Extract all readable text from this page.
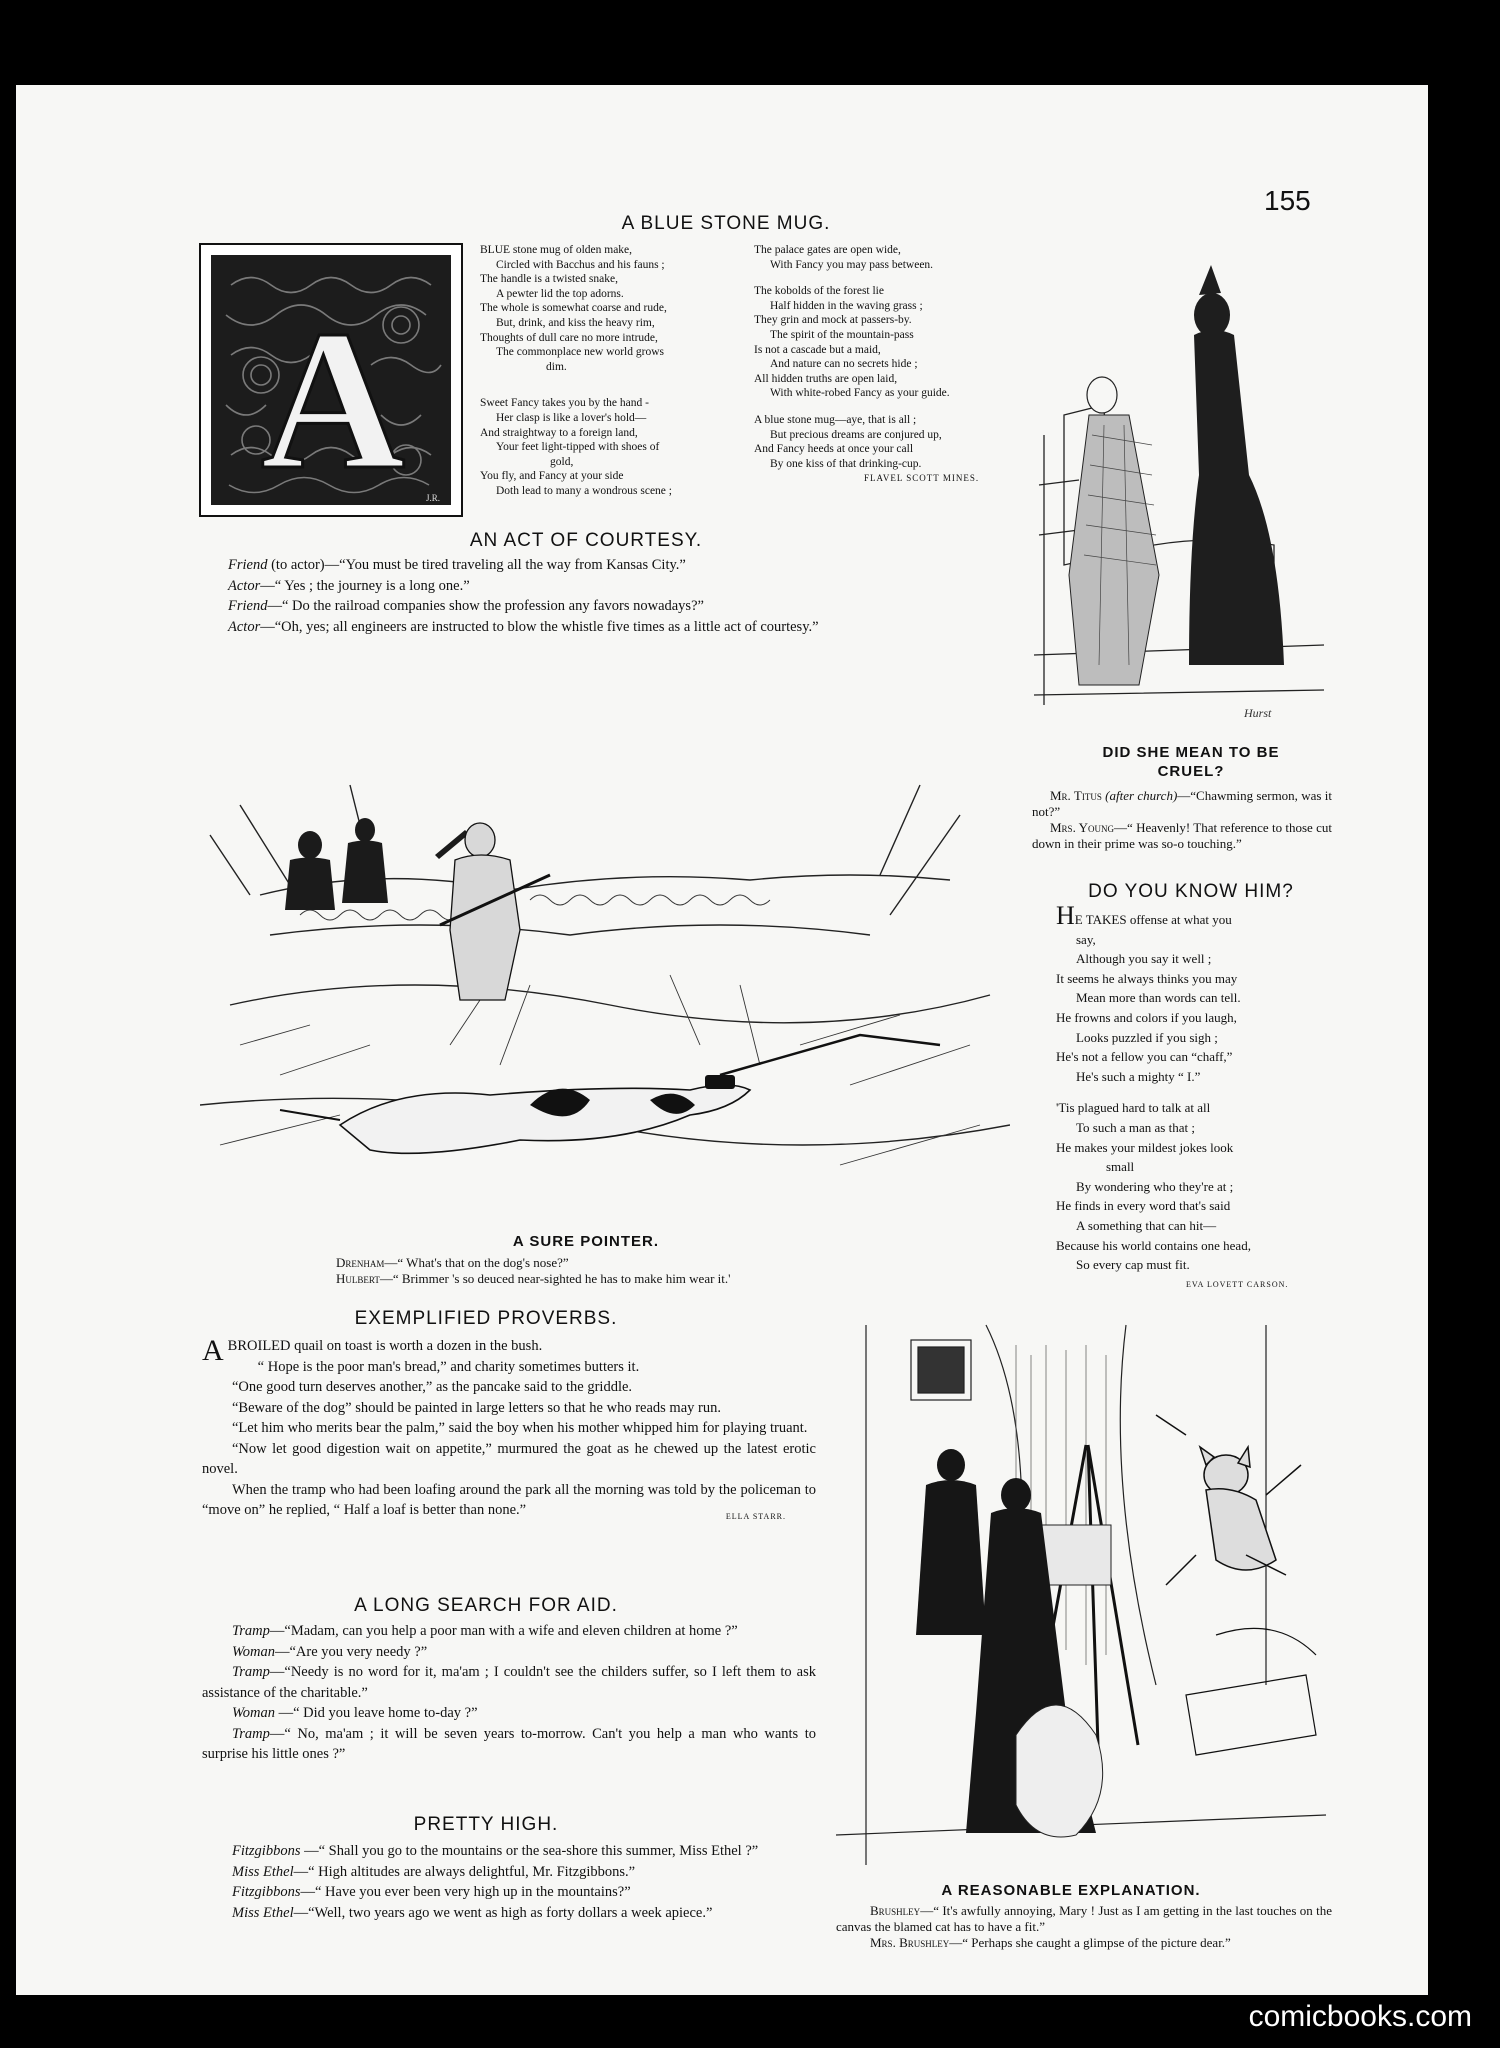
155
A BLUE STONE MUG.
A J.R.
BLUE stone mug of olden make,
Circled with Bacchus and his fauns ;
The handle is a twisted snake,
A pewter lid the top adorns.
The whole is somewhat coarse and rude,
But, drink, and kiss the heavy rim,
Thoughts of dull care no more intrude,
The commonplace new world grows
dim.
Sweet Fancy takes you by the hand -
Her clasp is like a lover's hold—
And straightway to a foreign land,
Your feet light-tipped with shoes of
gold,
You fly, and Fancy at your side
Doth lead to many a wondrous scene ;
The palace gates are open wide,
With Fancy you may pass between.
The kobolds of the forest lie
Half hidden in the waving grass ;
They grin and mock at passers-by.
The spirit of the mountain-pass
Is not a cascade but a maid,
And nature can no secrets hide ;
All hidden truths are open laid,
With white-robed Fancy as your guide.
A blue stone mug—aye, that is all ;
But precious dreams are conjured up,
And Fancy heeds at once your call
By one kiss of that drinking-cup.
FLAVEL SCOTT MINES.
AN ACT OF COURTESY.

Friend (to actor)—“You must be tired traveling all the way from Kansas City.”

Actor—“ Yes ; the journey is a long one.”

Friend—“ Do the railroad companies show the profession any favors nowadays?”

Actor—“Oh, yes; all engineers are instructed to blow the whistle five times as a little act of courtesy.”

Hurst
DID SHE MEAN TO BE
CRUEL?
Mr. Titus (after church)—“Chawming sermon, was it not?”
Mrs. Young—“ Heavenly! That reference to those cut down in their prime was so-o touching.”
DO YOU KNOW HIM?
HE TAKES offense at what you
say,
Although you say it well ;
It seems he always thinks you may
Mean more than words can tell.
He frowns and colors if you laugh,
Looks puzzled if you sigh ;
He's not a fellow you can “chaff,”
He's such a mighty “ I.”
'Tis plagued hard to talk at all
To such a man as that ;
He makes your mildest jokes look
small
By wondering who they're at ;
He finds in every word that's said
A something that can hit—
Because his world contains one head,
So every cap must fit.
EVA LOVETT CARSON.
A SURE POINTER.
Drenham—“ What's that on the dog's nose?”
Hulbert—“ Brimmer 's so deuced near-sighted he has to make him wear it.'
EXEMPLIFIED PROVERBS.

A BROILED quail on toast is worth a dozen in the bush.

“ Hope is the poor man's bread,” and charity sometimes butters it.

“One good turn deserves another,” as the pancake said to the griddle.

“Beware of the dog” should be painted in large letters so that he who reads may run.

“Let him who merits bear the palm,” said the boy when his mother whipped him for playing truant.

“Now let good digestion wait on appetite,” murmured the goat as he chewed up the latest erotic novel.

When the tramp who had been loafing around the park all the morning was told by the policeman to “move on” he replied, “ Half a loaf is better than none.”	ELLA STARR.
A LONG SEARCH FOR AID.

Tramp—“Madam, can you help a poor man with a wife and eleven children at home ?”

Woman—“Are you very needy ?”

Tramp—“Needy is no word for it, ma'am ; I couldn't see the childers suffer, so I left them to ask assistance of the charitable.”

Woman —“ Did you leave home to-day ?”

Tramp—“ No, ma'am ; it will be seven years to-morrow. Can't you help a man who wants to surprise his little ones ?”

PRETTY HIGH.

Fitzgibbons —“ Shall you go to the mountains or the sea-shore this summer, Miss Ethel ?”

Miss Ethel—“ High altitudes are always delightful, Mr. Fitzgibbons.”

Fitzgibbons—“ Have you ever been very high up in the mountains?”

Miss Ethel—“Well, two years ago we went as high as forty dollars a week apiece.”

A REASONABLE EXPLANATION.
Brushley—“ It's awfully annoying, Mary ! Just as I am getting in the last touches on the canvas the blamed cat has to have a fit.”
Mrs. Brushley—“ Perhaps she caught a glimpse of the picture dear.”
comicbooks.com
